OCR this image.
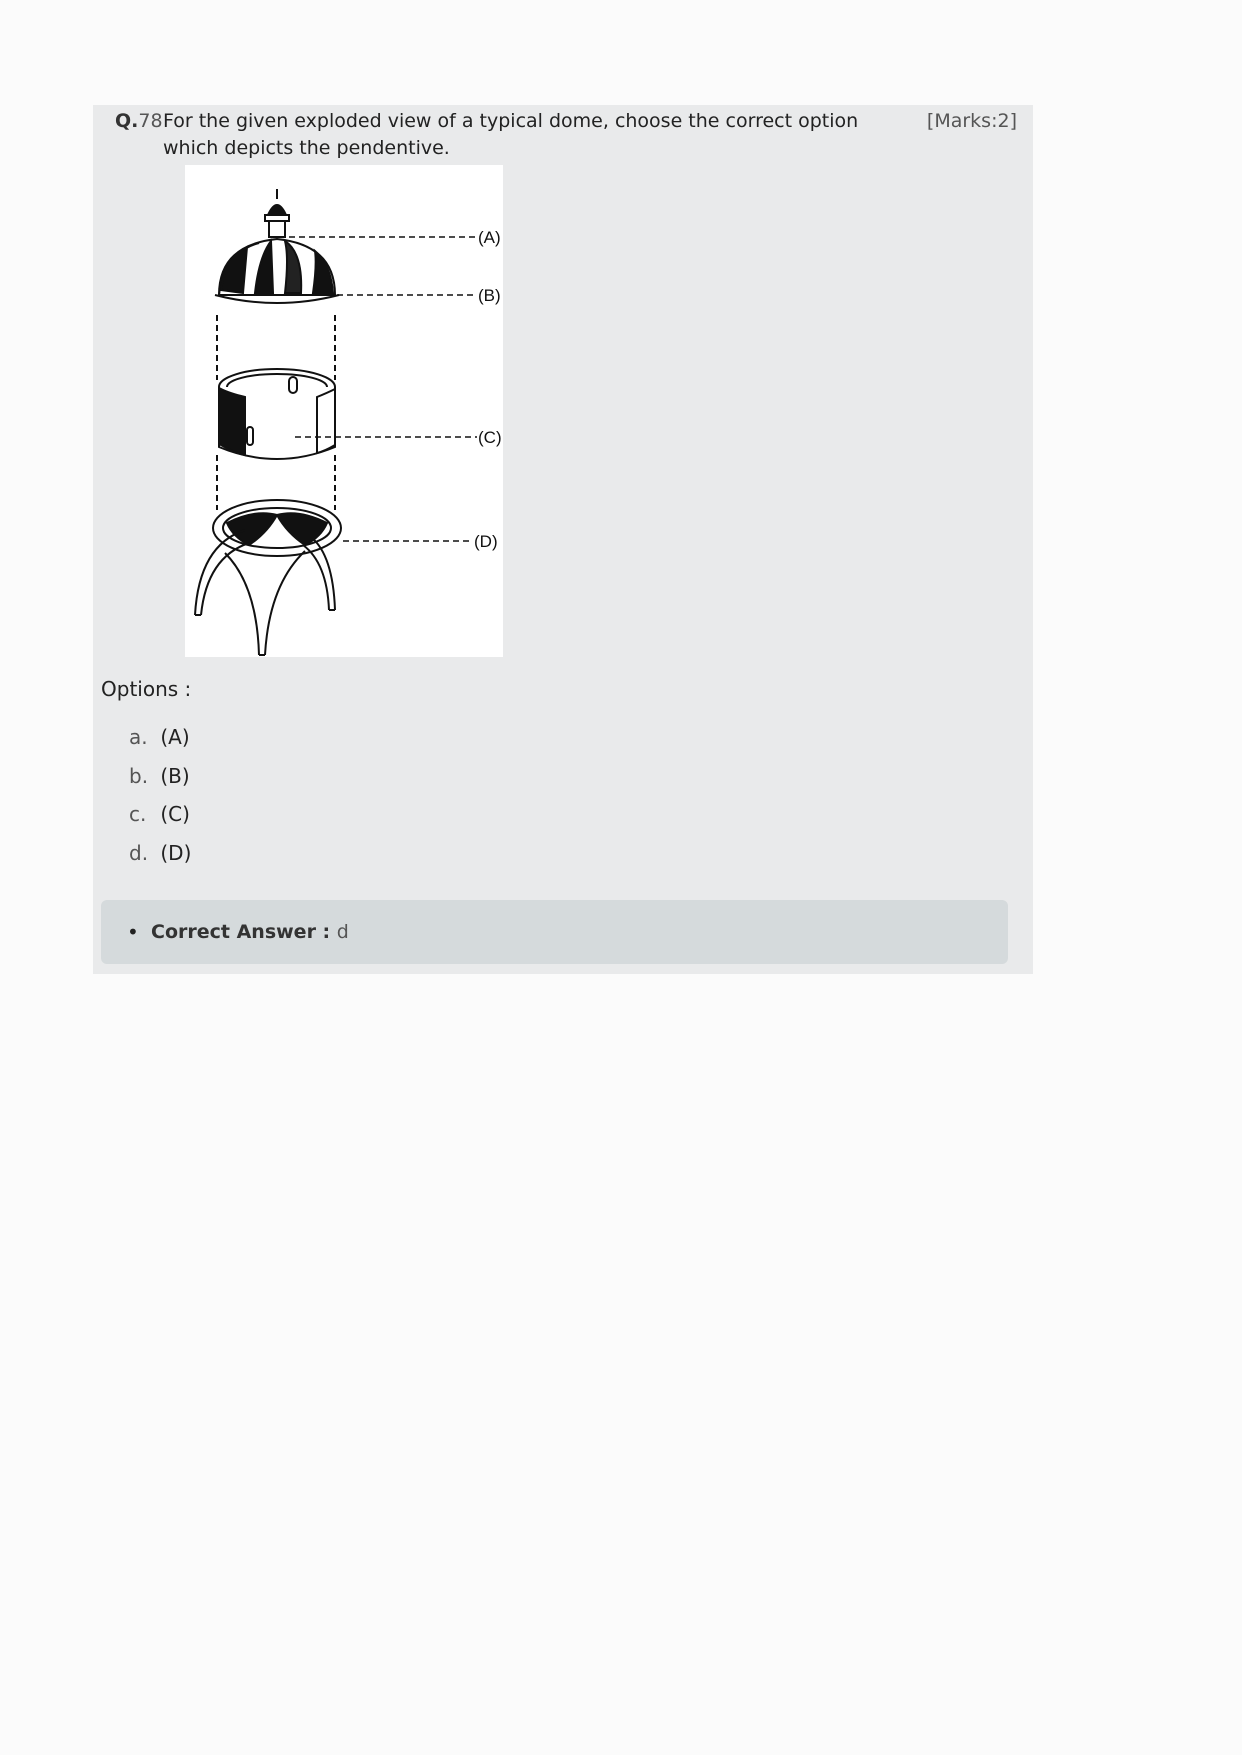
Q.78 For the given exploded view of a typical dome, choose the correct option which depicts the pendentive.
[Marks:2]
(A)
(B)
(C)
(D)
Options :
a. (A)
b. (B)
c. (C)
d. (D)
• Correct Answer : d
